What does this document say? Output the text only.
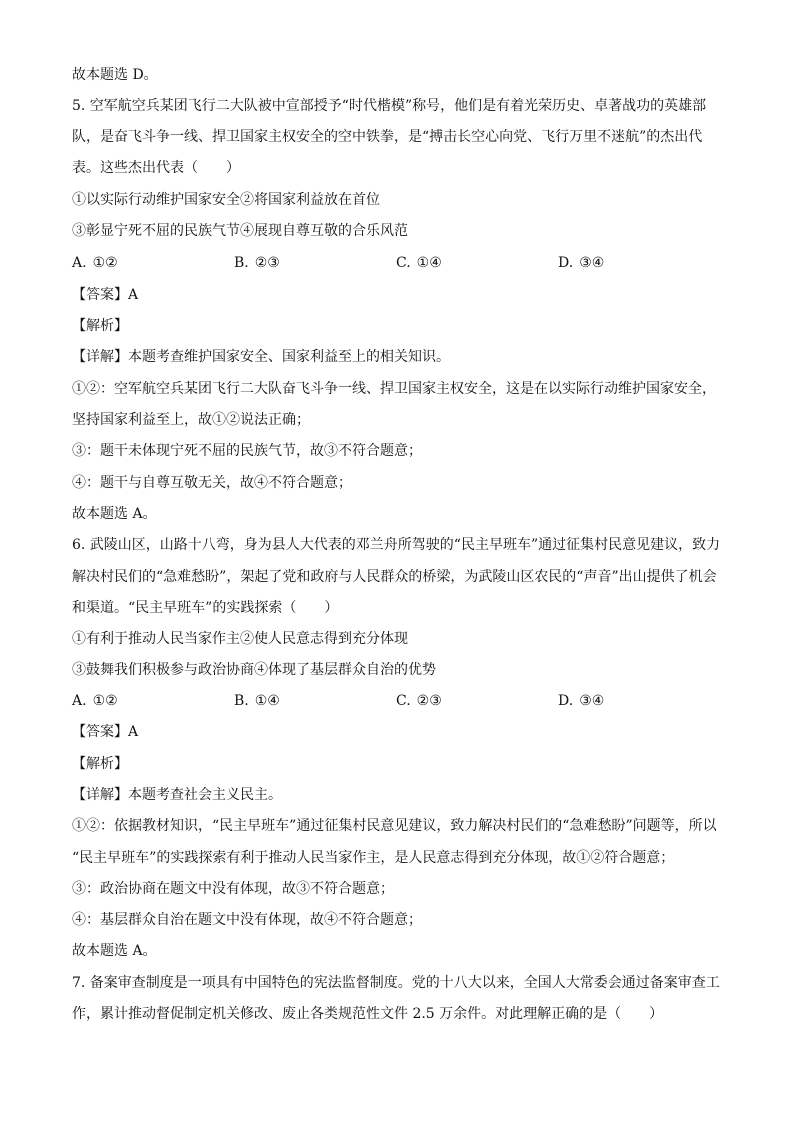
故本题选 D。
5. 空军航空兵某团飞行二大队被中宣部授予“时代楷模”称号，他们是有着光荣历史、卓著战功的英雄部
队，是奋飞斗争一线、捍卫国家主权安全的空中铁拳，是“搏击长空心向党、飞行万里不迷航”的杰出代
表。这些杰出代表（　　）
①以实际行动维护国家安全②将国家利益放在首位
③彰显宁死不屈的民族气节④展现自尊互敬的合乐风范
A. ①②	B. ②③	C. ①④	D. ③④
【答案】A
【解析】
【详解】本题考查维护国家安全、国家利益至上的相关知识。
①②：空军航空兵某团飞行二大队奋飞斗争一线、捍卫国家主权安全，这是在以实际行动维护国家安全，
坚持国家利益至上，故①②说法正确；
③：题干未体现宁死不屈的民族气节，故③不符合题意；
④：题干与自尊互敬无关，故④不符合题意；
故本题选 A。
6. 武陵山区，山路十八弯，身为县人大代表的邓兰舟所驾驶的“民主早班车”通过征集村民意见建议，致力
解决村民们的“急难愁盼”，架起了党和政府与人民群众的桥梁，为武陵山区农民的“声音”出山提供了机会
和渠道。“民主早班车”的实践探索（　　）
①有利于推动人民当家作主②使人民意志得到充分体现
③鼓舞我们积极参与政治协商④体现了基层群众自治的优势
A. ①②	B. ①④	C. ②③	D. ③④
【答案】A
【解析】
【详解】本题考查社会主义民主。
①②：依据教材知识，“民主早班车”通过征集村民意见建议，致力解决村民们的“急难愁盼”问题等，所以
“民主早班车”的实践探索有利于推动人民当家作主，是人民意志得到充分体现，故①②符合题意；
③：政治协商在题文中没有体现，故③不符合题意；
④：基层群众自治在题文中没有体现，故④不符合题意；
故本题选 A。
7. 备案审查制度是一项具有中国特色的宪法监督制度。党的十八大以来，全国人大常委会通过备案审查工
作，累计推动督促制定机关修改、废止各类规范性文件 2.5 万余件。对此理解正确的是（　　）
